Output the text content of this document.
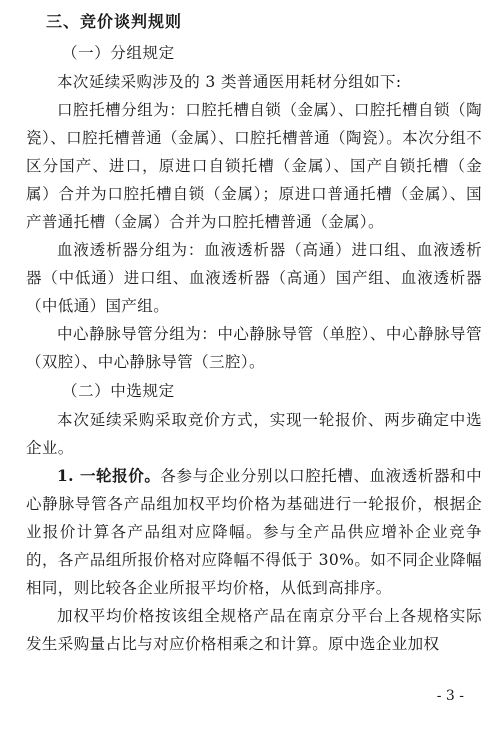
三、竞价谈判规则

（一）分组规定

本次延续采购涉及的 3 类普通医用耗材分组如下:

口腔托槽分组为：口腔托槽自锁（金属）、口腔托槽自锁（陶瓷）、口腔托槽普通（金属）、口腔托槽普通（陶瓷）。本次分组不区分国产、进口，原进口自锁托槽（金属）、国产自锁托槽（金属）合并为口腔托槽自锁（金属）；原进口普通托槽（金属）、国产普通托槽（金属）合并为口腔托槽普通（金属）。

血液透析器分组为：血液透析器（高通）进口组、血液透析器（中低通）进口组、血液透析器（高通）国产组、血液透析器（中低通）国产组。

中心静脉导管分组为：中心静脉导管（单腔）、中心静脉导管（双腔）、中心静脉导管（三腔）。

（二）中选规定

本次延续采购采取竞价方式，实现一轮报价、两步确定中选企业。

1. 一轮报价。各参与企业分别以口腔托槽、血液透析器和中心静脉导管各产品组加权平均价格为基础进行一轮报价，根据企业报价计算各产品组对应降幅。参与全产品供应增补企业竞争的，各产品组所报价格对应降幅不得低于 30%。如不同企业降幅相同，则比较各企业所报平均价格，从低到高排序。

加权平均价格按该组全规格产品在南京分平台上各规格实际发生采购量占比与对应价格相乘之和计算。原中选企业加权

- 3 -
